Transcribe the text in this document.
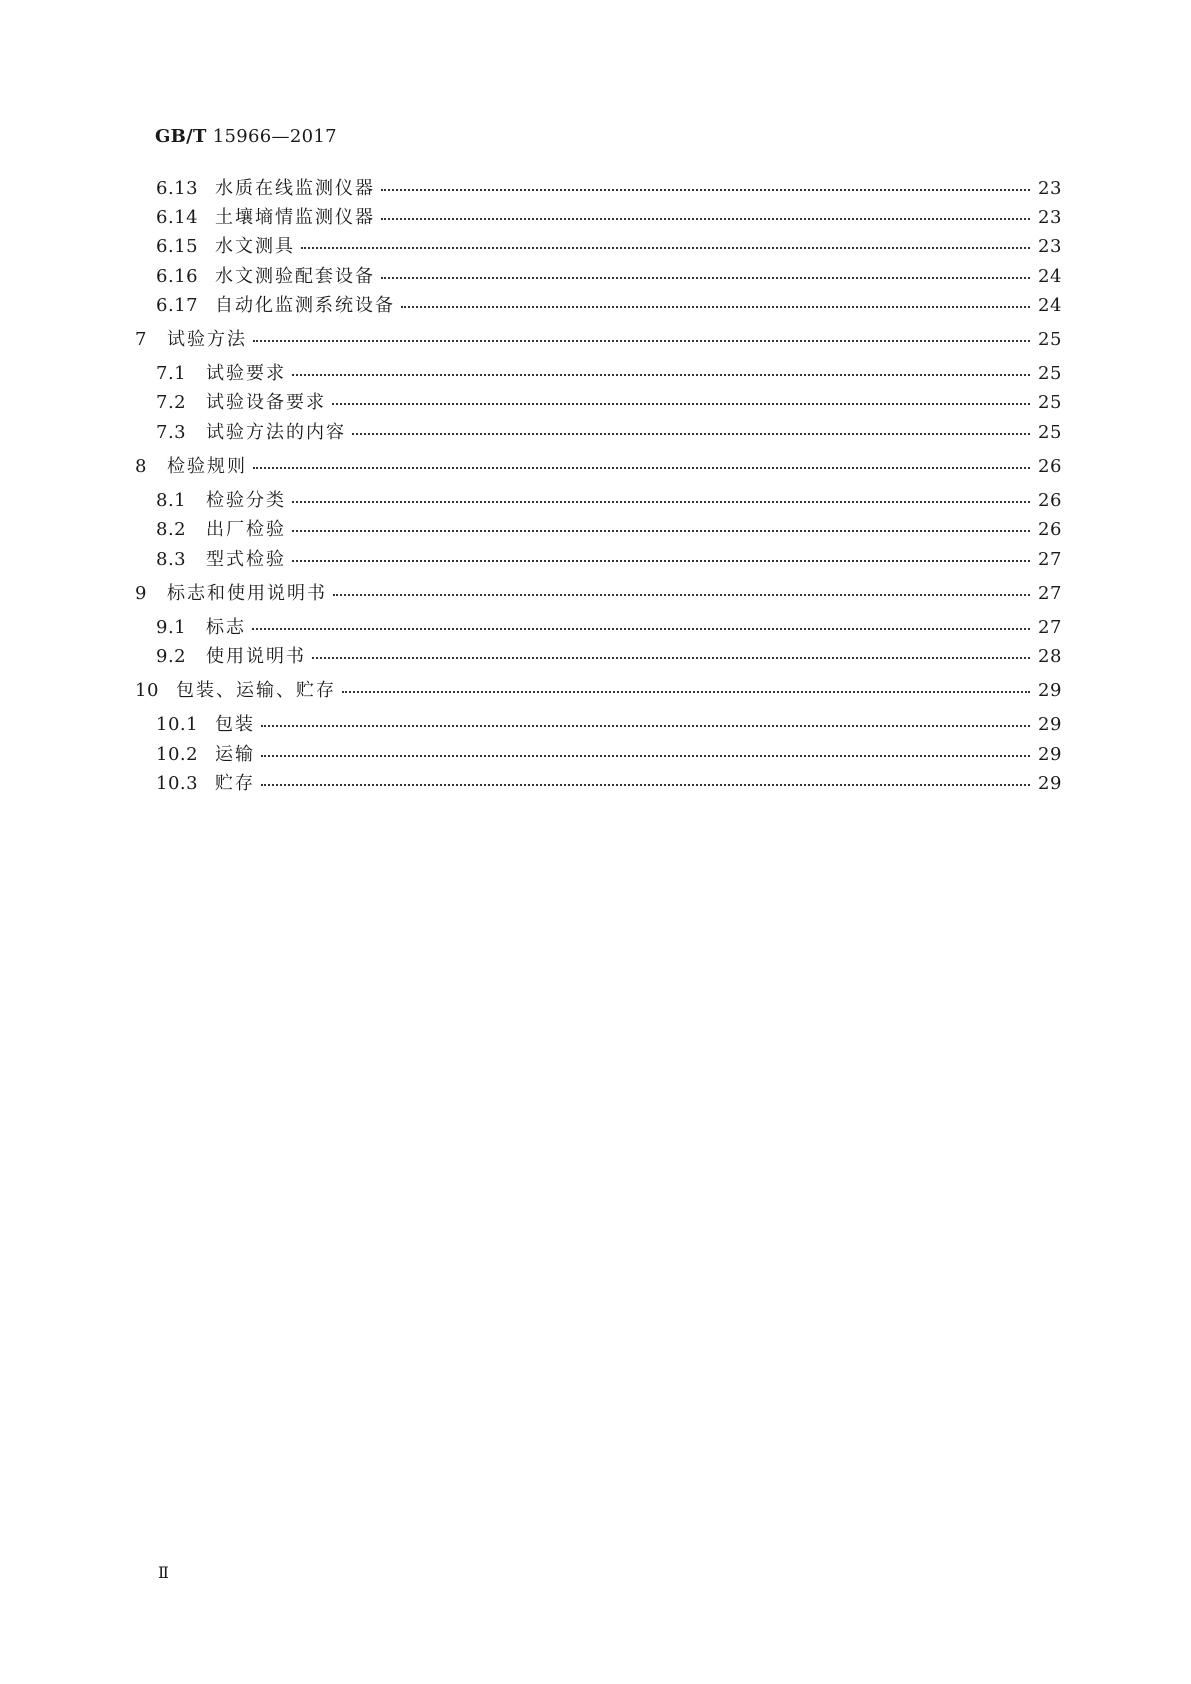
GB/T 15966—2017
6.13 水质在线监测仪器	23
6.14 土壤墒情监测仪器	23
6.15 水文测具	23
6.16 水文测验配套设备	24
6.17 自动化监测系统设备	24
7	试验方法	25
7.1	试验要求	25
7.2	试验设备要求	25
7.3	试验方法的内容	25
8	检验规则	26
8.1	检验分类	26
8.2	出厂检验	26
8.3	型式检验	27
9	标志和使用说明书	27
9.1	标志	27
9.2	使用说明书	28
10 包装、运输、贮存	29
10.1 包装	29
10.2 运输	29
10.3 贮存	29
Ⅱ
